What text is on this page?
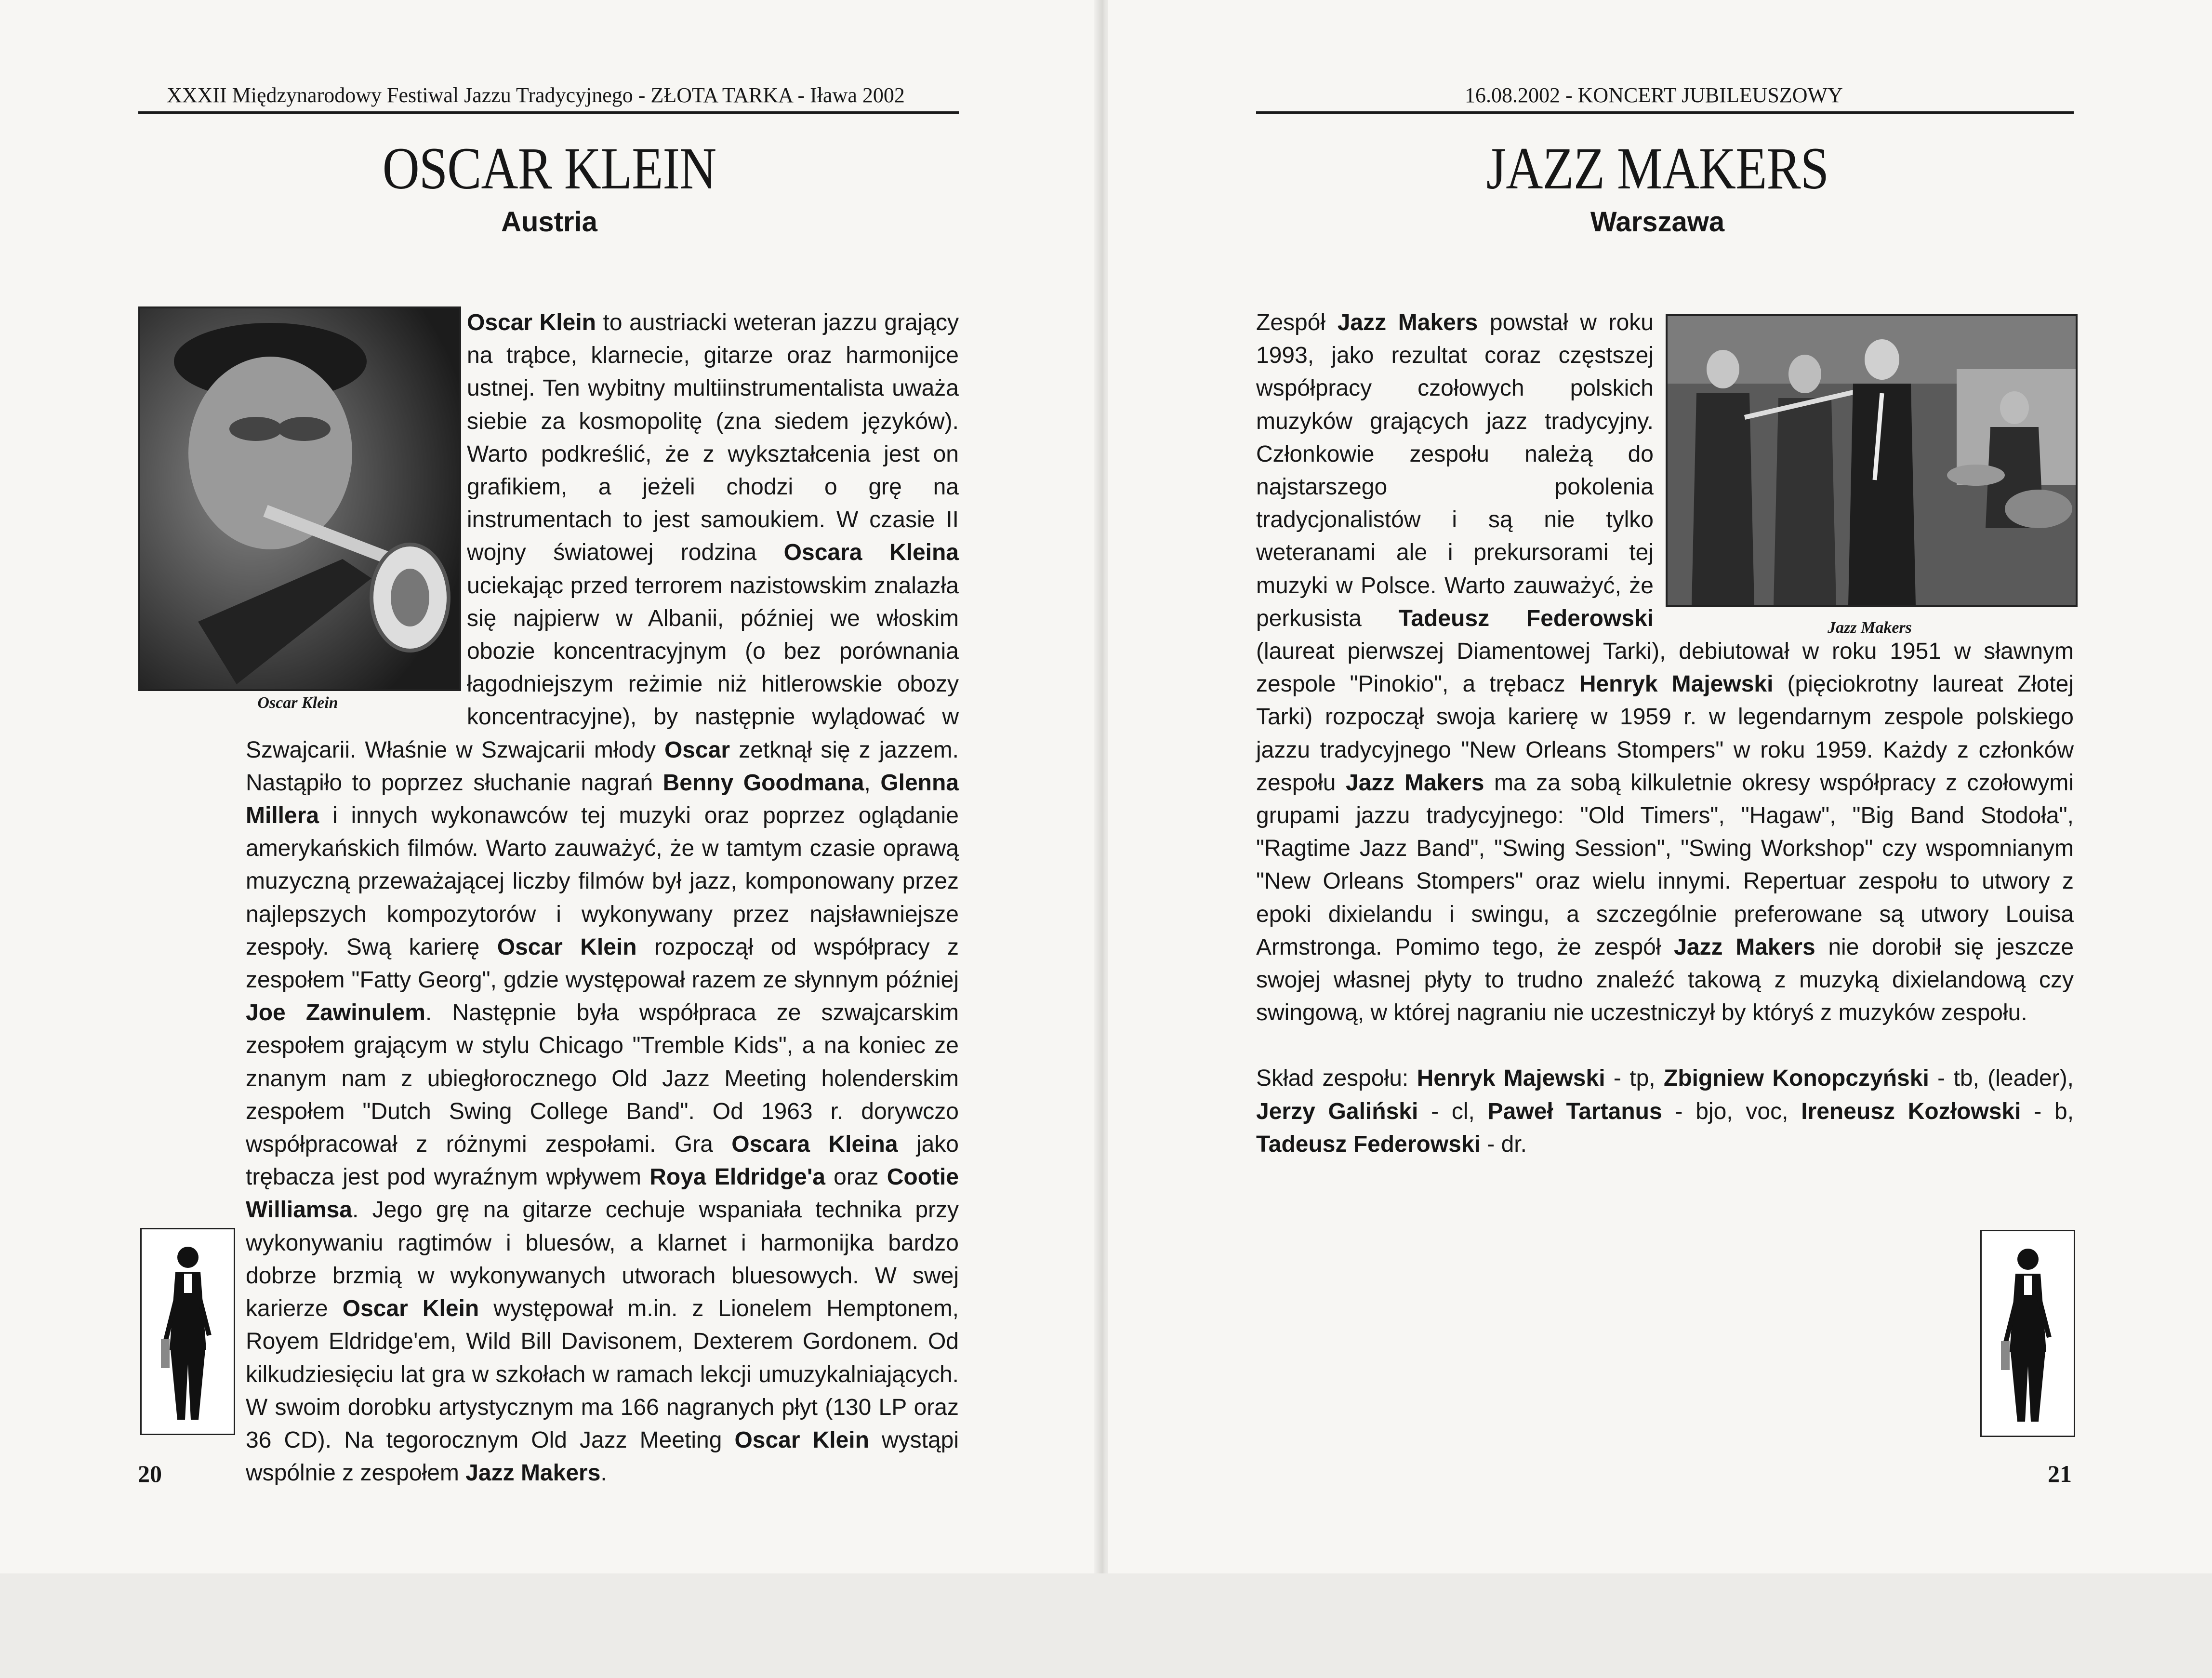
XXXII Międzynarodowy Festiwal Jazzu Tradycyjnego - ZŁOTA TARKA - Iława 2002
OSCAR KLEIN
Austria
Oscar Klein

Oscar Klein to austriacki weteran jazzu grający na trąbce, klarnecie, gitarze oraz harmonijce ustnej. Ten wybitny multiinstrumentalista uważa siebie za kosmopolitę (zna siedem języków). Warto podkreślić, że z wykształcenia jest on grafikiem, a jeżeli chodzi o grę na instrumentach to jest samoukiem. W czasie II wojny światowej rodzina Oscara Kleina uciekając przed terrorem nazistowskim znalazła się najpierw w Albanii, później we włoskim obozie koncentracyjnym (o bez porównania łagodniejszym reżimie niż hitlerowskie obozy koncentracyjne), by następnie wylądować w Szwajcarii. Właśnie w Szwajcarii młody Oscar zetknął się z jazzem. Nastąpiło to poprzez słuchanie nagrań Benny Goodmana, Glenna Millera i innych wykonawców tej muzyki oraz poprzez oglądanie amerykańskich filmów. Warto zauważyć, że w tamtym czasie oprawą muzyczną przeważającej liczby filmów był jazz, komponowany przez najlepszych kompozytorów i wykonywany przez najsławniejsze zespoły. Swą karierę Oscar Klein rozpoczął od współpracy z zespołem "Fatty Georg", gdzie występował razem ze słynnym później Joe Zawinulem. Następnie była współpraca ze szwajcarskim zespołem grającym w stylu Chicago "Tremble Kids", a na koniec ze znanym nam z ubiegłorocznego Old Jazz Meeting holenderskim zespołem "Dutch Swing College Band". Od 1963 r. dorywczo współpracował z różnymi zespołami. Gra Oscara Kleina jako trębacza jest pod wyraźnym wpływem Roya Eldridge'a oraz Cootie Williamsa. Jego grę na gitarze cechuje wspaniała technika przy wykonywaniu ragtimów i bluesów, a klarnet i harmonijka bardzo dobrze brzmią w wykonywanych utworach bluesowych. W swej karierze Oscar Klein występował m.in. z Lionelem Hemptonem, Royem Eldridge'em, Wild Bill Davisonem, Dexterem Gordonem. Od kilkudziesięciu lat gra w szkołach w ramach lekcji umuzykalniających. W swoim dorobku artystycznym ma 166 nagranych płyt (130 LP oraz 36 CD). Na tegorocznym Old Jazz Meeting Oscar Klein wystąpi wspólnie z zespołem Jazz Makers.

20
16.08.2002 - KONCERT JUBILEUSZOWY
JAZZ MAKERS
Warszawa
Jazz Makers

Zespół Jazz Makers powstał w roku 1993, jako rezultat coraz częstszej współpracy czołowych polskich muzyków grających jazz tradycyjny. Członkowie zespołu należą do najstarszego pokolenia tradycjonalistów i są nie tylko weteranami ale i prekursorami tej muzyki w Polsce. Warto zauważyć, że perkusista Tadeusz Federowski (laureat pierwszej Diamentowej Tarki), debiutował w roku 1951 w sławnym zespole "Pinokio", a trębacz Henryk Majewski (pięciokrotny laureat Złotej Tarki) rozpoczął swoja karierę w 1959 r. w legendarnym zespole polskiego jazzu tradycyjnego "New Orleans Stompers" w roku 1959. Każdy z członków zespołu Jazz Makers ma za sobą kilkuletnie okresy współpracy z czołowymi grupami jazzu tradycyjnego: "Old Timers", "Hagaw", "Big Band Stodoła", "Ragtime Jazz Band", "Swing Session", "Swing Workshop" czy wspomnianym "New Orleans Stompers" oraz wielu innymi. Repertuar zespołu to utwory z epoki dixielandu i swingu, a szczególnie preferowane są utwory Louisa Armstronga. Pomimo tego, że zespół Jazz Makers nie dorobił się jeszcze swojej własnej płyty to trudno znaleźć takową z muzyką dixielandową czy swingową, w której nagraniu nie uczestniczył by któryś z muzyków zespołu.

Skład zespołu: Henryk Majewski - tp, Zbigniew Konopczyński - tb, (leader), Jerzy Galiński - cl, Paweł Tartanus - bjo, voc, Ireneusz Kozłowski - b, Tadeusz Federowski - dr.

21
